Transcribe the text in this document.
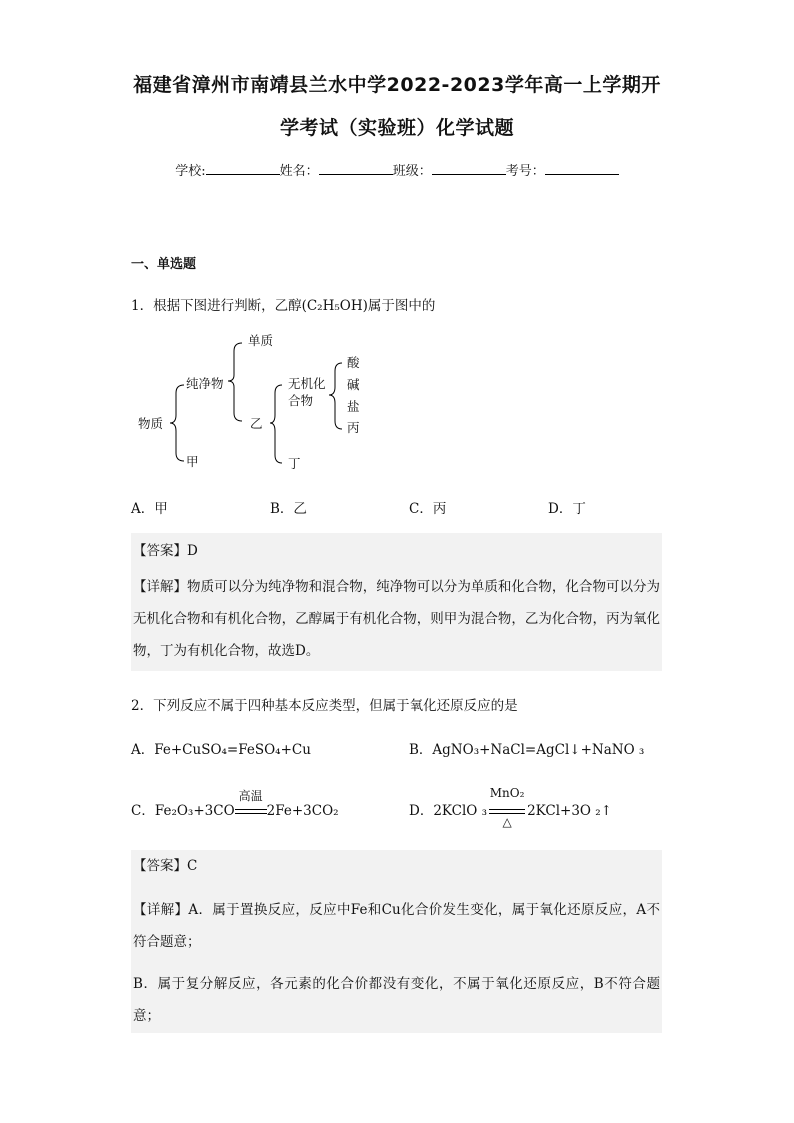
福建省漳州市南靖县兰水中学2022-2023学年高一上学期开
学考试（实验班）化学试题
学校:	姓名：	班级：	考号：
一、单选题
1．根据下图进行判断，乙醇(C₂H₅OH)属于图中的
物质
纯净物
甲
单质
乙
无机化
合物
丁
酸
碱
盐
丙
A．甲	B．乙	C．丙	D．丁
【答案】D
【详解】物质可以分为纯净物和混合物，纯净物可以分为单质和化合物，化合物可以分为无机化合物和有机化合物，乙醇属于有机化合物，则甲为混合物，乙为化合物，丙为氧化物，丁为有机化合物，故选D。
2．下列反应不属于四种基本反应类型，但属于氧化还原反应的是
A．Fe+CuSO₄=FeSO₄+Cu	B．AgNO₃+NaCl=AgCl↓+NaNO ₃
C．Fe₂O₃+3CO
高温
2Fe+3CO₂	D．2KClO ₃
MnO₂
△
2KCl+3O ₂↑
【答案】C
【详解】A．属于置换反应，反应中Fe和Cu化合价发生变化，属于氧化还原反应，A不符合题意；
B．属于复分解反应，各元素的化合价都没有变化，不属于氧化还原反应，B不符合题意；
